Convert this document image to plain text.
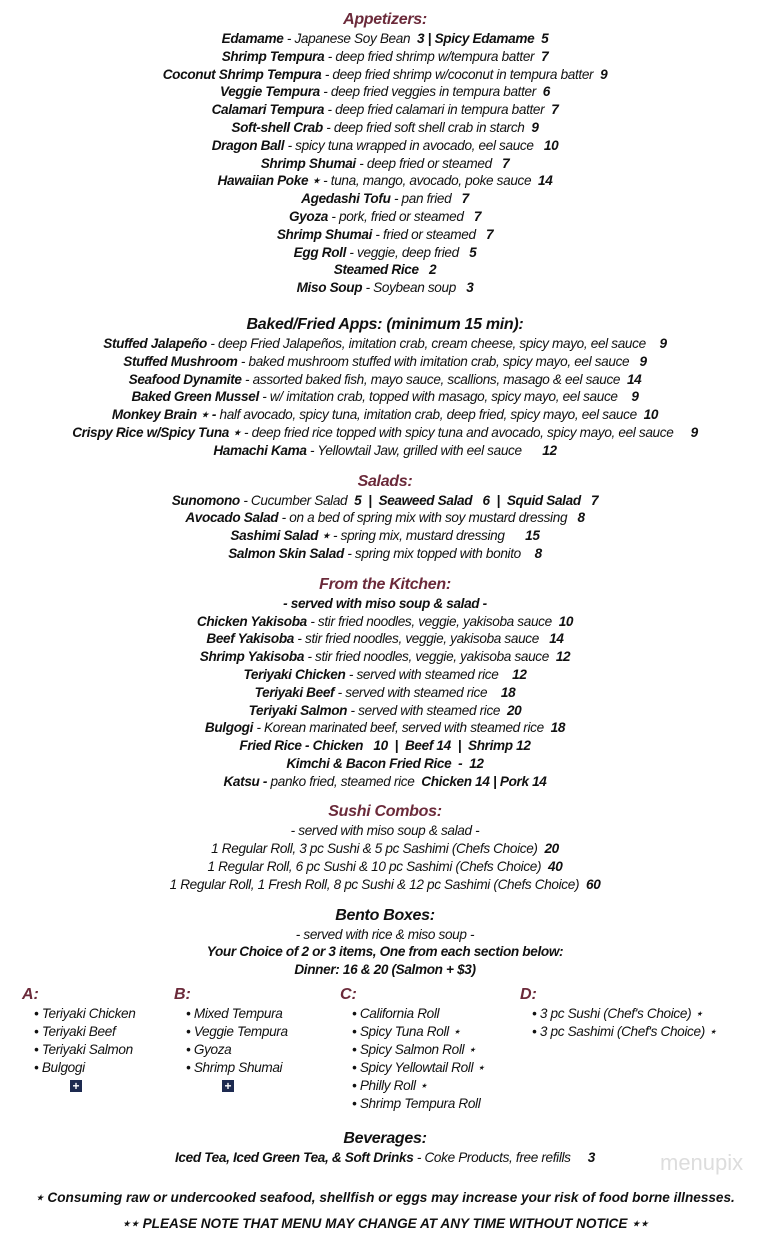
Appetizers:
Edamame - Japanese Soy Bean  3 | Spicy Edamame  5
Shrimp Tempura - deep fried shrimp w/tempura batter  7
Coconut Shrimp Tempura - deep fried shrimp w/coconut in tempura batter  9
Veggie Tempura - deep fried veggies in tempura batter  6
Calamari Tempura - deep fried calamari in tempura batter  7
Soft-shell Crab - deep fried soft shell crab in starch  9
Dragon Ball - spicy tuna wrapped in avocado, eel sauce   10
Shrimp Shumai - deep fried or steamed   7
Hawaiian Poke ⋆ - tuna, mango, avocado, poke sauce  14
Agedashi Tofu - pan fried   7
Gyoza - pork, fried or steamed   7
Shrimp Shumai - fried or steamed   7
Egg Roll - veggie, deep fried   5
Steamed Rice   2
Miso Soup - Soybean soup   3
Baked/Fried Apps: (minimum 15 min):
Stuffed Jalapeño - deep Fried Jalapeños, imitation crab, cream cheese, spicy mayo, eel sauce    9
Stuffed Mushroom - baked mushroom stuffed with imitation crab, spicy mayo, eel sauce   9
Seafood Dynamite - assorted baked fish, mayo sauce, scallions, masago & eel sauce  14
Baked Green Mussel - w/ imitation crab, topped with masago, spicy mayo, eel sauce    9
Monkey Brain ⋆ - half avocado, spicy tuna, imitation crab, deep fried, spicy mayo, eel sauce  10
Crispy Rice w/Spicy Tuna ⋆ - deep fried rice topped with spicy tuna and avocado, spicy mayo, eel sauce     9
Hamachi Kama - Yellowtail Jaw, grilled with eel sauce      12
Salads:
Sunomono - Cucumber Salad  5  |  Seaweed Salad   6  |  Squid Salad   7
Avocado Salad - on a bed of spring mix with soy mustard dressing   8
Sashimi Salad ⋆ - spring mix, mustard dressing      15
Salmon Skin Salad - spring mix topped with bonito    8
From the Kitchen:
- served with miso soup & salad -
Chicken Yakisoba - stir fried noodles, veggie, yakisoba sauce  10
Beef Yakisoba - stir fried noodles, veggie, yakisoba sauce   14
Shrimp Yakisoba - stir fried noodles, veggie, yakisoba sauce  12
Teriyaki Chicken - served with steamed rice    12
Teriyaki Beef - served with steamed rice    18
Teriyaki Salmon - served with steamed rice  20
Bulgogi - Korean marinated beef, served with steamed rice  18
Fried Rice - Chicken   10  |  Beef 14  |  Shrimp 12
Kimchi & Bacon Fried Rice  -  12
Katsu - panko fried, steamed rice  Chicken 14 | Pork 14
Sushi Combos:
- served with miso soup & salad -
1 Regular Roll, 3 pc Sushi & 5 pc Sashimi (Chefs Choice)  20
1 Regular Roll, 6 pc Sushi & 10 pc Sashimi (Chefs Choice)  40
1 Regular Roll, 1 Fresh Roll, 8 pc Sushi & 12 pc Sashimi (Chefs Choice)  60
Bento Boxes:
- served with rice & miso soup -
Your Choice of 2 or 3 items, One from each section below:
Dinner: 16 & 20 (Salmon + $3)
A:
• Teriyaki Chicken
• Teriyaki Beef
• Teriyaki Salmon
• Bulgogi
+
B:
• Mixed Tempura
• Veggie Tempura
• Gyoza
• Shrimp Shumai
+
C:
• California Roll
• Spicy Tuna Roll ⋆
• Spicy Salmon Roll ⋆
• Spicy Yellowtail Roll ⋆
• Philly Roll ⋆
• Shrimp Tempura Roll
D:
• 3 pc Sushi (Chef's Choice) ⋆
• 3 pc Sashimi (Chef's Choice) ⋆
Beverages:
Iced Tea, Iced Green Tea, & Soft Drinks - Coke Products, free refills     3	menupix
⋆ Consuming raw or undercooked seafood, shellfish or eggs may increase your risk of food borne illnesses.
⋆⋆ PLEASE NOTE THAT MENU MAY CHANGE AT ANY TIME WITHOUT NOTICE ⋆⋆
